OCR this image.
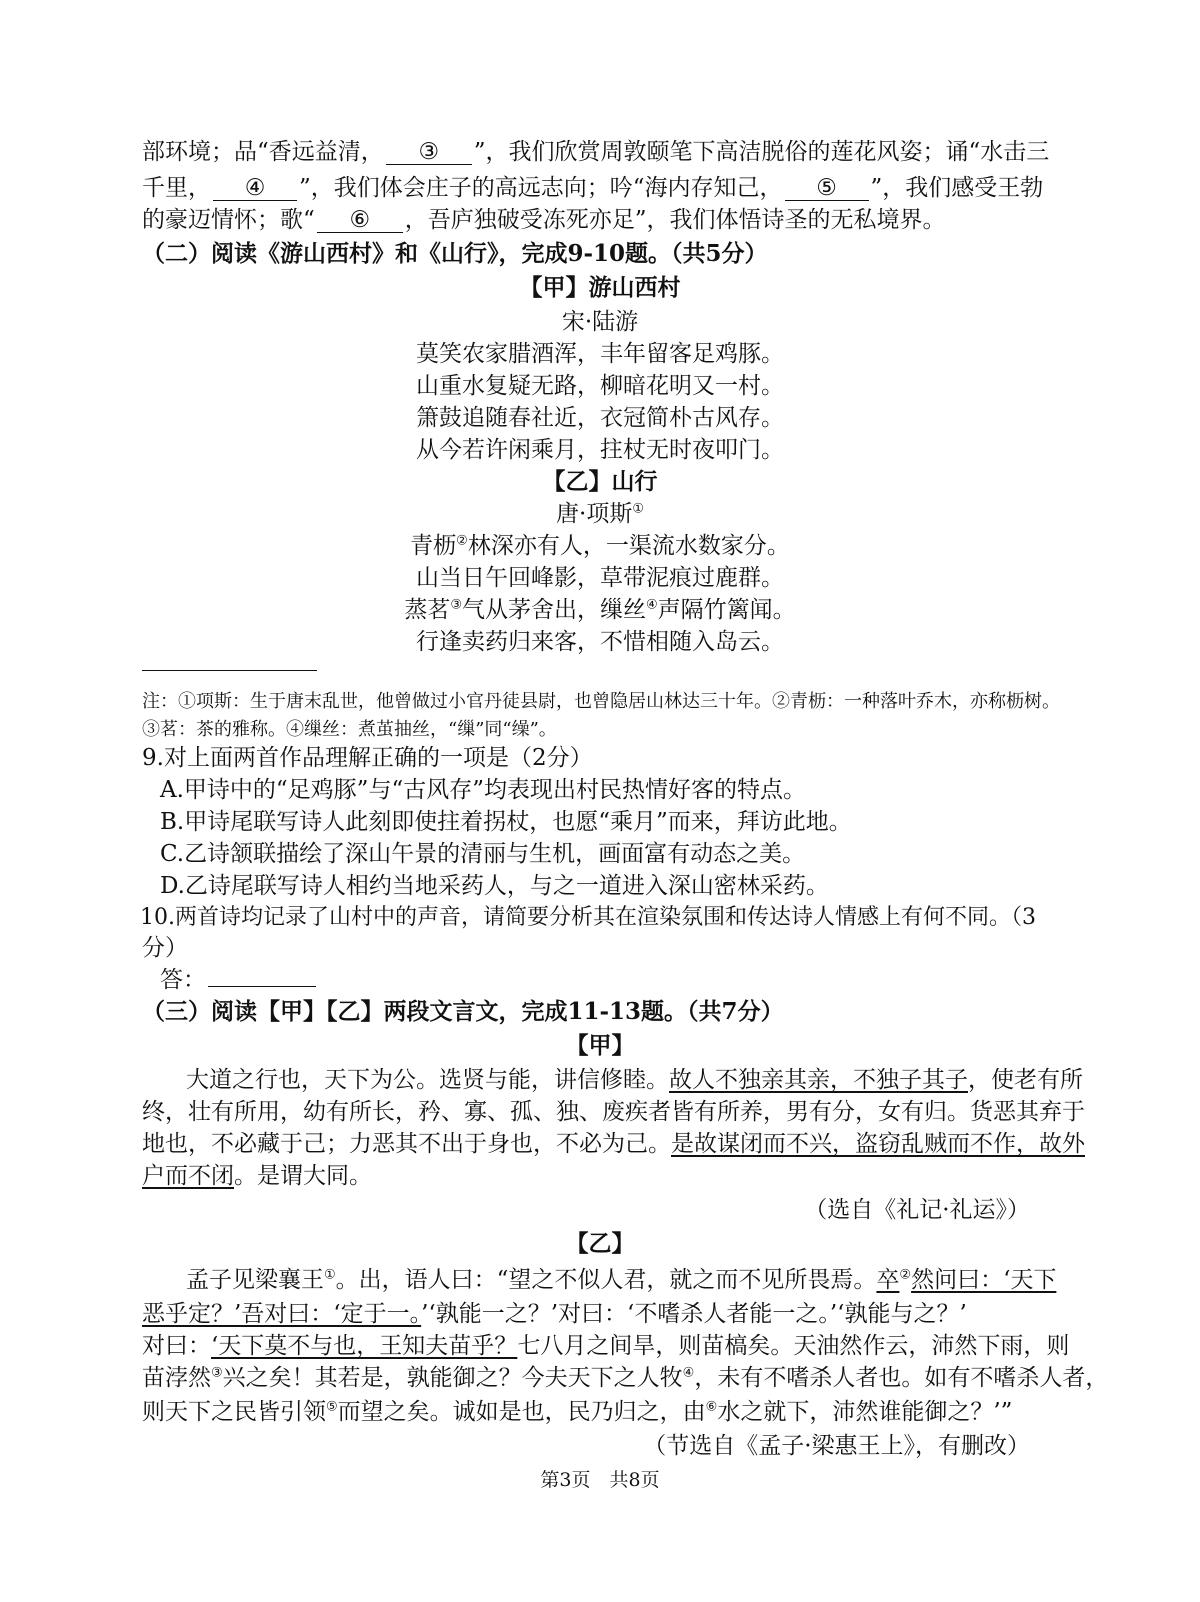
部环境；品“香远益清， ③ ”，我们欣赏周敦颐笔下高洁脱俗的莲花风姿；诵“水击三
千里， ④ ”，我们体会庄子的高远志向；吟“海内存知己， ⑤ ”，我们感受王勃
的豪迈情怀；歌“ ⑥ ，吾庐独破受冻死亦足”，我们体悟诗圣的无私境界。
（二）阅读《游山西村》和《山行》，完成9-10题。（共5分）
【甲】游山西村
宋·陆游
莫笑农家腊酒浑，丰年留客足鸡豚。
山重水复疑无路，柳暗花明又一村。
箫鼓追随春社近，衣冠简朴古风存。
从今若许闲乘月，拄杖无时夜叩门。
【乙】山行
唐·项斯①
青枥②林深亦有人，一渠流水数家分。
山当日午回峰影，草带泥痕过鹿群。
蒸茗③气从茅舍出，缫丝④声隔竹篱闻。
行逢卖药归来客，不惜相随入岛云。
注：①项斯：生于唐末乱世，他曾做过小官丹徒县尉，也曾隐居山林达三十年。②青枥：一种落叶乔木，亦称枥树。
③茗：茶的雅称。④缫丝：煮茧抽丝，“缫”同“缲”。
9.对上面两首作品理解正确的一项是（2分）
A.甲诗中的“足鸡豚”与“古风存”均表现出村民热情好客的特点。
B.甲诗尾联写诗人此刻即使拄着拐杖，也愿“乘月”而来，拜访此地。
C.乙诗颔联描绘了深山午景的清丽与生机，画面富有动态之美。
D.乙诗尾联写诗人相约当地采药人，与之一道进入深山密林采药。
10.两首诗均记录了山村中的声音，请简要分析其在渲染氛围和传达诗人情感上有何不同。（3
分）
答：
（三）阅读【甲】【乙】两段文言文，完成11-13题。（共7分）
【甲】
大道之行也，天下为公。选贤与能，讲信修睦。故人不独亲其亲，不独子其子，使老有所
终，壮有所用，幼有所长，矜、寡、孤、独、废疾者皆有所养，男有分，女有归。货恶其弃于
地也，不必藏于己；力恶其不出于身也，不必为己。是故谋闭而不兴，盗窃乱贼而不作，故外
户而不闭。是谓大同。
（选自《礼记·礼运》）
【乙】
孟子见梁襄王①。出，语人曰：“望之不似人君，就之而不见所畏焉。卒②然问曰：‘天下
恶乎定？’吾对曰：‘定于一。’‘孰能一之？’对曰：‘不嗜杀人者能一之。’‘孰能与之？’
对曰：‘天下莫不与也，王知夫苗乎？七八月之间旱，则苗槁矣。天油然作云，沛然下雨，则
苗浡然③兴之矣！其若是，孰能御之？今夫天下之人牧④，未有不嗜杀人者也。如有不嗜杀人者，
则天下之民皆引领⑤而望之矣。诚如是也，民乃归之，由⑥水之就下，沛然谁能御之？’”
（节选自《孟子·梁惠王上》，有删改）
第3页　共8页
